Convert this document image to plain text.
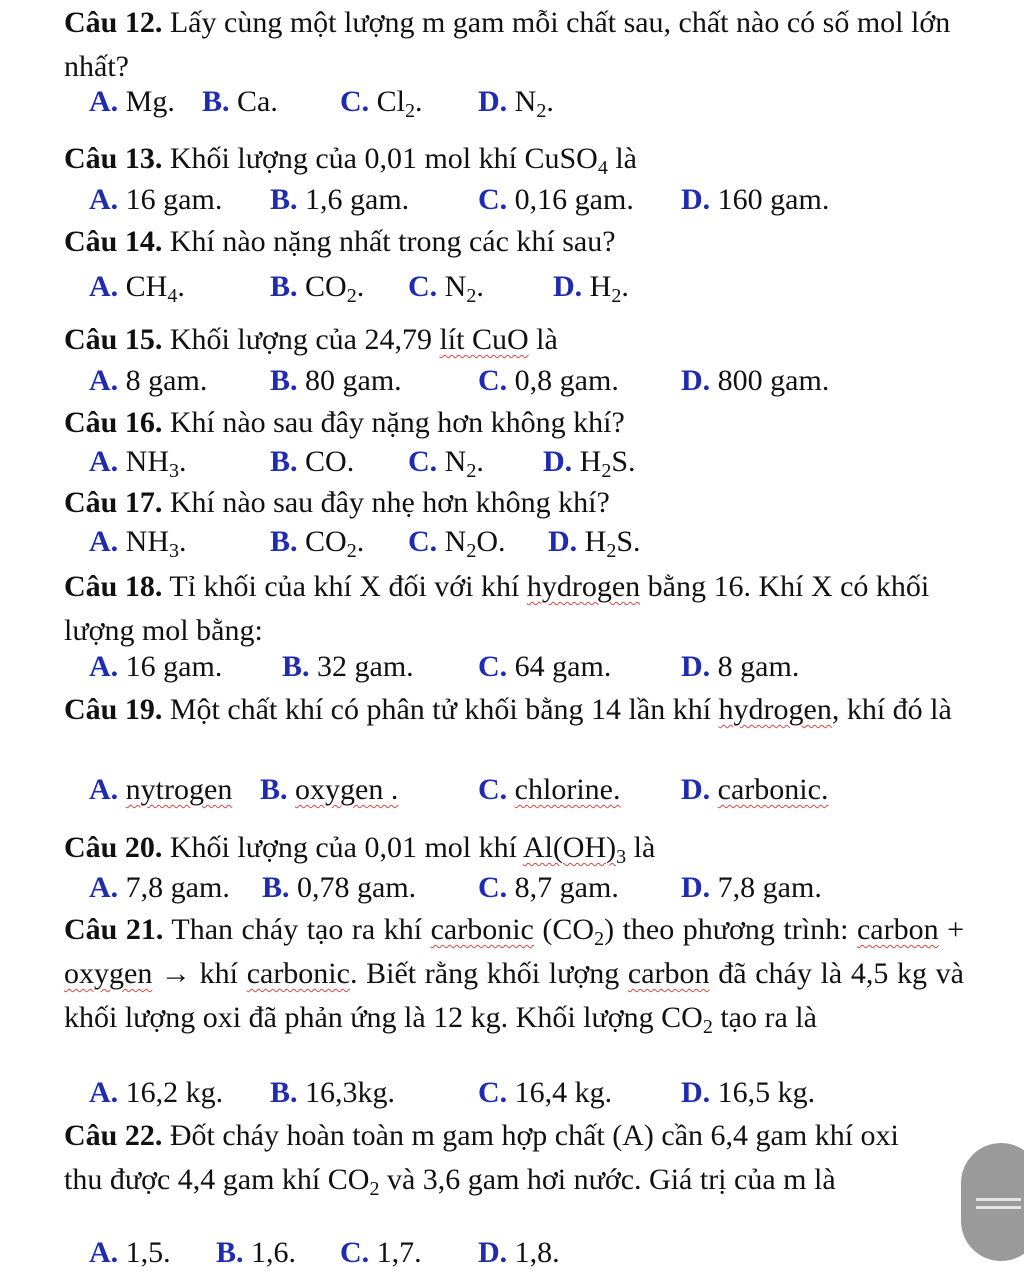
Câu 12. Lấy cùng một lượng m gam mỗi chất sau, chất nào có số mol lớn nhất?

A. Mg. B. Ca. C. $Cl_2$. D. $N_2$.

Câu 13. Khối lượng của 0,01 mol khí CuSO$_4$ là

A. 16 gam. B. 1,6 gam. C. 0,16 gam. D. 160 gam.

Câu 14. Khí nào nặng nhất trong các khí sau?

A. $CH_4$.	B. $CO_2$. C. $N_2$. D. $H_2$.

Câu 15. Khối lượng của 24,79 lít CuO là

A. 8 gam. B. 80 gam.	C. 0,8 gam. D. 800 gam.

Câu 16. Khí nào sau đây nặng hơn không khí?

A. $NH_3$.	B. CO. C. $N_2$. D. $H_2S$.

Câu 17. Khí nào sau đây nhẹ hơn không khí?

A. $NH_3$.	B. $CO_2$. C. $N_2O$. D. $H_2S$.

Câu 18. Tỉ khối của khí X đối với khí hydrogen bằng 16. Khí X có khối lượng mol bằng:

A. 16 gam. B. 32 gam. C. 64 gam. D. 8 gam.

Câu 19. Một chất khí có phân tử khối bằng 14 lần khí hydrogen, khí đó là

A. nytrogen B. oxygen .	C. chlorine. D. carbonic.

Câu 20. Khối lượng của 0,01 mol khí $Al(OH)_3$ là

A. 7,8 gam. B. 0,78 gam. C. 8,7 gam. D. 7,8 gam.

Câu 21. Than cháy tạo ra khí carbonic $(CO_2)$ theo phương trình: carbon + oxygen → khí carbonic. Biết rằng khối lượng carbon đã cháy là 4,5 kg và khối lượng oxi đã phản ứng là 12 kg. Khối lượng $CO_2$ tạo ra là

A. 16,2 kg. B. 16,3kg.	C. 16,4 kg. D. 16,5 kg.

Câu 22. Đốt cháy hoàn toàn m gam hợp chất (A) cần 6,4 gam khí oxi thu được 4,4 gam khí $CO_2$ và 3,6 gam hơi nước. Giá trị của m là

A. 1,5. B. 1,6. C. 1,7. D. 1,8.
